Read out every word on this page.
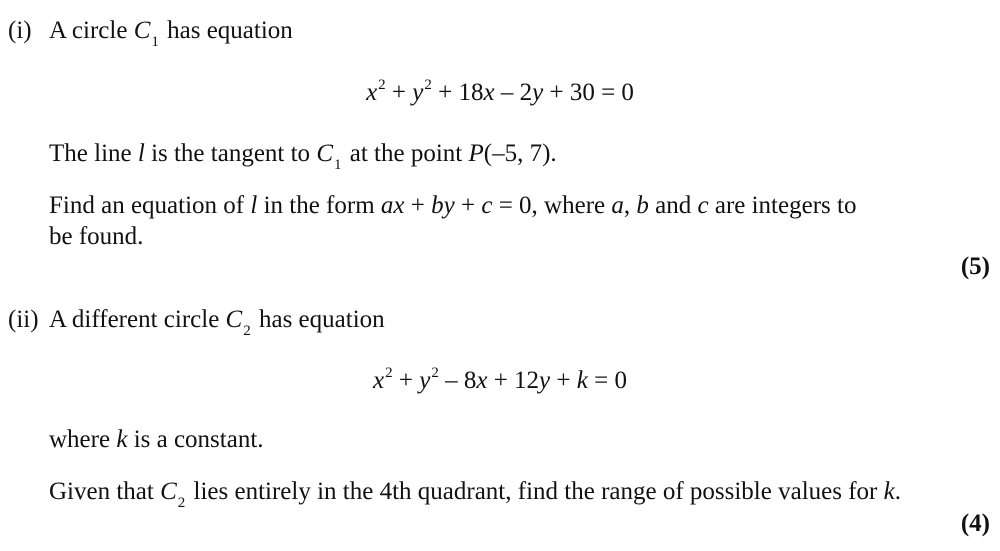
(i) A circle $C_1$ has equation
$x^2 + y^2 + 18x - 2y + 30 = 0$
The line l is the tangent to $C_1$ at the point P(–5, 7).
Find an equation of l in the form ax + by + c = 0, where a, b and c are integers to
be found.
(5)
(ii) A different circle $C_2$ has equation
$x^2 + y^2 - 8x + 12y + k = 0$
where k is a constant.
Given that $C_2$ lies entirely in the 4th quadrant, find the range of possible values for k.
(4)
